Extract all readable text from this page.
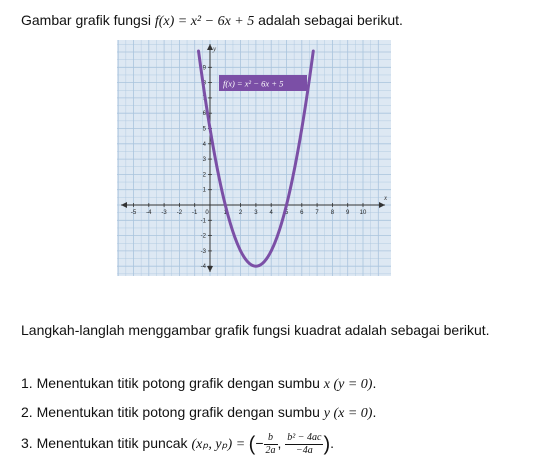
Gambar grafik fungsi f(x) = x² − 6x + 5 adalah sebagai berikut.
x
y
-5 -4 -3 -2 -1 0 1 2 3 4 5 6 7 8 9 10
-4
-3
-2
-1
1
2
3
4
5
6
7
8
9
f(x) = x² − 6x + 5
Langkah-langlah menggambar grafik fungsi kuadrat adalah sebagai berikut.
1. Menentukan titik potong grafik dengan sumbu x (y = 0).
2. Menentukan titik potong grafik dengan sumbu y (x = 0).
3. Menentukan titik puncak (xₚ, yₚ) = (− $\frac{b}{2a}$ , $\frac{\text{b² − 4ac}}{-4a}$ ).
